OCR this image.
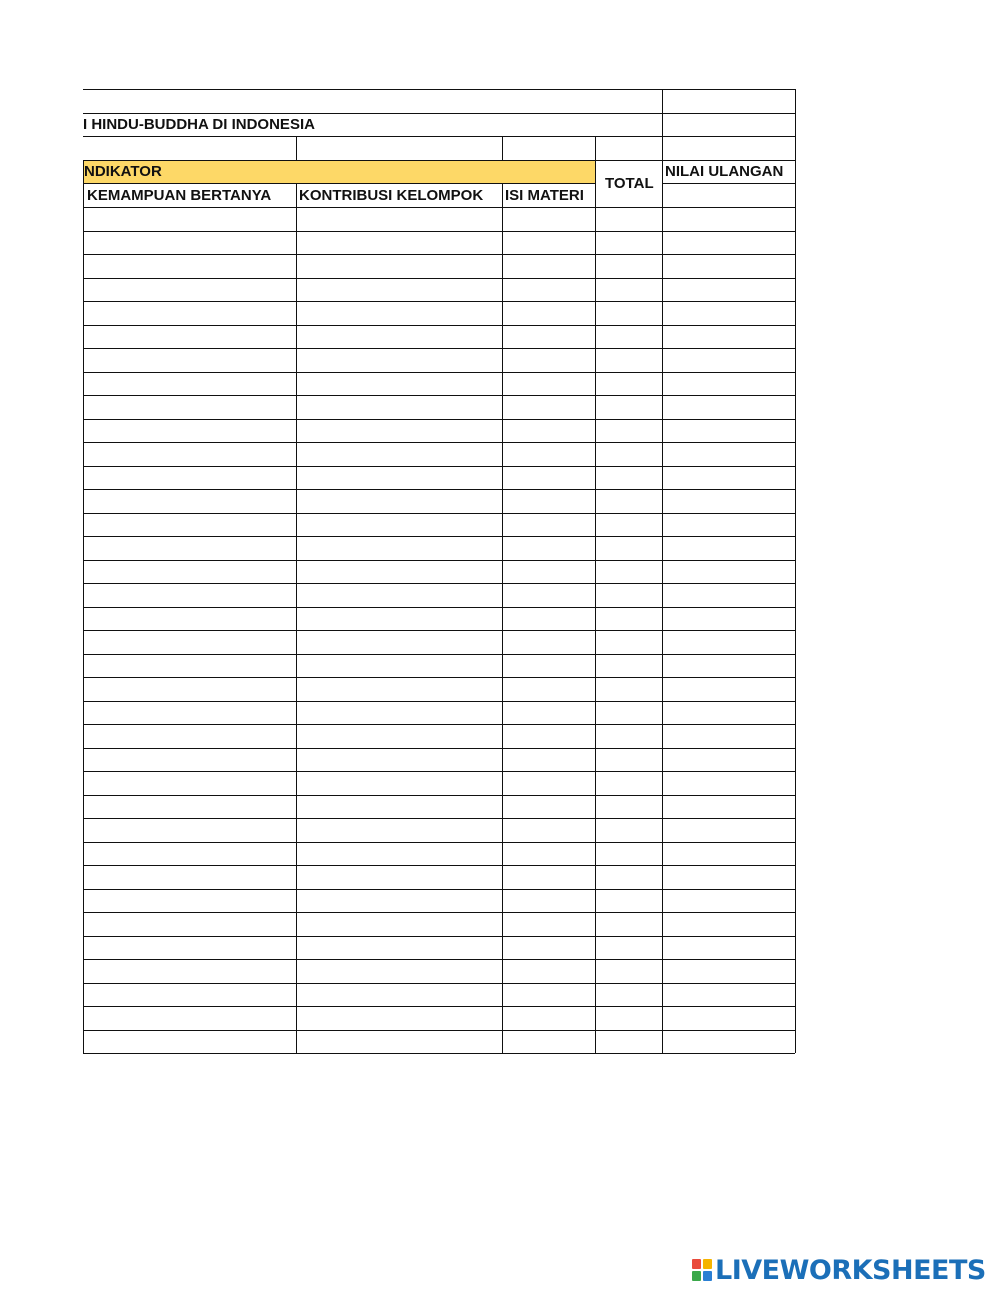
I HINDU-BUDDHA DI INDONESIA
NDIKATOR
KEMAMPUAN BERTANYA KONTRIBUSI KELOMPOK ISI MATERI
TOTAL
NILAI ULANGAN
LIVEWORKSHEETS
